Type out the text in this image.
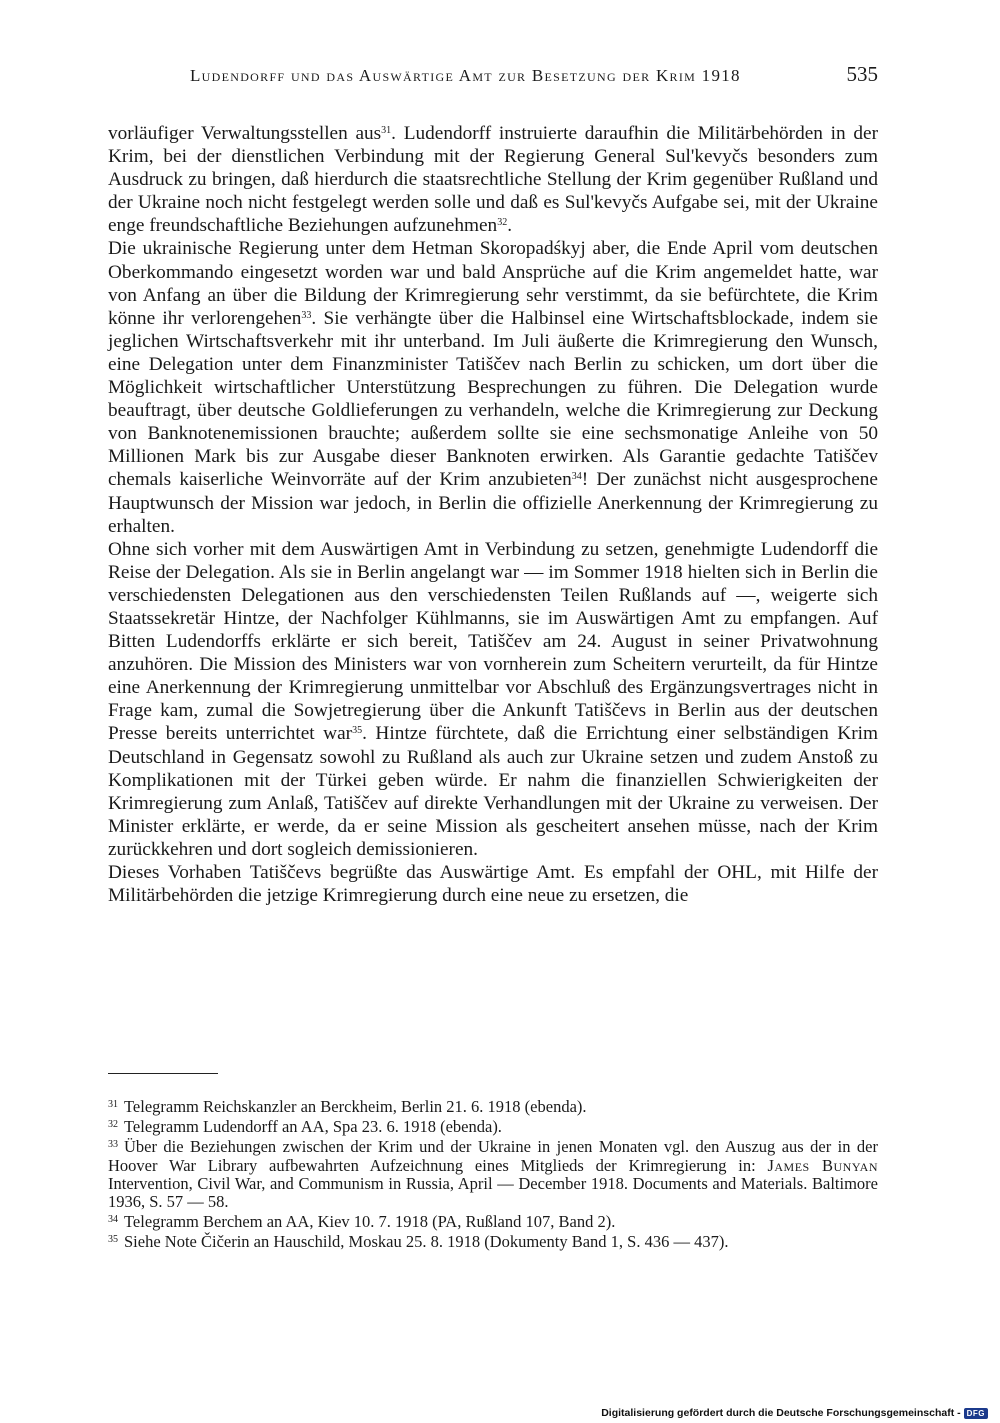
Ludendorff und das Auswärtige Amt zur Besetzung der Krim 1918	535

vorläufiger Verwaltungsstellen aus$^{31}$. Ludendorff instruierte daraufhin die Militärbehörden in der Krim, bei der dienstlichen Verbindung mit der Regierung General Sul'kevyčs besonders zum Ausdruck zu bringen, daß hierdurch die staatsrechtliche Stellung der Krim gegenüber Rußland und der Ukraine noch nicht festgelegt werden solle und daß es Sul'kevyčs Aufgabe sei, mit der Ukraine enge freundschaftliche Beziehungen aufzunehmen$^{32}$.

Die ukrainische Regierung unter dem Hetman Skoropadśkyj aber, die Ende April vom deutschen Oberkommando eingesetzt worden war und bald Ansprüche auf die Krim angemeldet hatte, war von Anfang an über die Bildung der Krimregierung sehr verstimmt, da sie befürchtete, die Krim könne ihr verlorengehen$^{33}$. Sie verhängte über die Halbinsel eine Wirtschaftsblockade, indem sie jeglichen Wirtschaftsverkehr mit ihr unterband. Im Juli äußerte die Krimregierung den Wunsch, eine Delegation unter dem Finanzminister Tatiščev nach Berlin zu schicken, um dort über die Möglichkeit wirtschaftlicher Unterstützung Besprechungen zu führen. Die Delegation wurde beauftragt, über deutsche Goldlieferungen zu verhandeln, welche die Krimregierung zur Deckung von Banknotenemissionen brauchte; außerdem sollte sie eine sechsmonatige Anleihe von 50 Millionen Mark bis zur Ausgabe dieser Banknoten erwirken. Als Garantie gedachte Tatiščev chemals kaiserliche Weinvorräte auf der Krim anzubieten$^{34}$! Der zunächst nicht ausgesprochene Hauptwunsch der Mission war jedoch, in Berlin die offizielle Anerkennung der Krimregierung zu erhalten.

Ohne sich vorher mit dem Auswärtigen Amt in Verbindung zu setzen, genehmigte Ludendorff die Reise der Delegation. Als sie in Berlin angelangt war — im Sommer 1918 hielten sich in Berlin die verschiedensten Delegationen aus den verschiedensten Teilen Rußlands auf —, weigerte sich Staatssekretär Hintze, der Nachfolger Kühlmanns, sie im Auswärtigen Amt zu empfangen. Auf Bitten Ludendorffs erklärte er sich bereit, Tatiščev am 24. August in seiner Privatwohnung anzuhören. Die Mission des Ministers war von vornherein zum Scheitern verurteilt, da für Hintze eine Anerkennung der Krimregierung unmittelbar vor Abschluß des Ergänzungsvertrages nicht in Frage kam, zumal die Sowjetregierung über die Ankunft Tatiščevs in Berlin aus der deutschen Presse bereits unterrichtet war$^{35}$. Hintze fürchtete, daß die Errichtung einer selbständigen Krim Deutschland in Gegensatz sowohl zu Rußland als auch zur Ukraine setzen und zudem Anstoß zu Komplikationen mit der Türkei geben würde. Er nahm die finanziellen Schwierigkeiten der Krimregierung zum Anlaß, Tatiščev auf direkte Verhandlungen mit der Ukraine zu verweisen. Der Minister erklärte, er werde, da er seine Mission als gescheitert ansehen müsse, nach der Krim zurückkehren und dort sogleich demissionieren.

Dieses Vorhaben Tatiščevs begrüßte das Auswärtige Amt. Es empfahl der OHL, mit Hilfe der Militärbehörden die jetzige Krimregierung durch eine neue zu ersetzen, die

$^{31}$ Telegramm Reichskanzler an Berckheim, Berlin 21. 6. 1918 (ebenda).

$^{32}$ Telegramm Ludendorff an AA, Spa 23. 6. 1918 (ebenda).

$^{33}$ Über die Beziehungen zwischen der Krim und der Ukraine in jenen Monaten vgl. den Auszug aus der in der Hoover War Library aufbewahrten Aufzeichnung eines Mitglieds der Krimregierung in: James Bunyan Intervention, Civil War, and Communism in Russia, April — December 1918. Documents and Materials. Baltimore 1936, S. 57 — 58.

$^{34}$ Telegramm Berchem an AA, Kiev 10. 7. 1918 (PA, Rußland 107, Band 2).

$^{35}$ Siehe Note Čičerin an Hauschild, Moskau 25. 8. 1918 (Dokumenty Band 1, S. 436 — 437).

Digitalisierung gefördert durch die Deutsche Forschungsgemeinschaft - DFG
